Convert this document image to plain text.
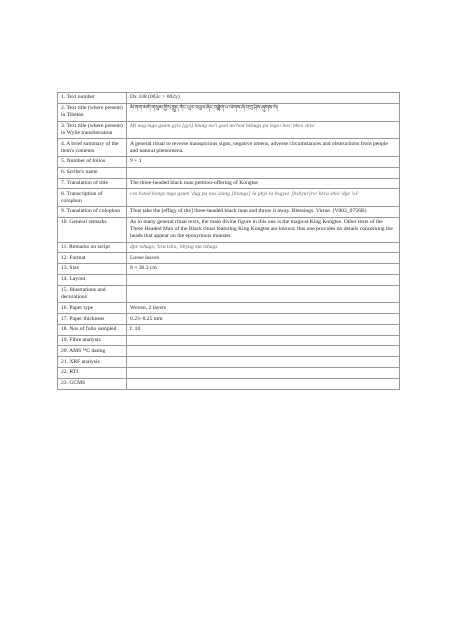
1. Text number	Dx 338 (002c > 002y)
2. Text title (where present) in Tibetan	མི་ནག་མགོ་གསུམ་གྱིས་གླུད་གོང་ཕུར་འབུལ་ཞིང་བཟློག་པ་ལེགས་ཞོ་བཀྲ་ཤིས་ཞུགས་སོ།
3. Text title (where present) in Wylie transliteration	Mi nag mgo gsum gyis [gyi] klung tse'i gsol mchod bzhugs pa legs+hos' bkra shis/
4. A brief summary of the item's contents	A general ritual to reverse inauspicious signs, negative omens, adverse circumstances and obstructions from people and natural phenomena.
5. Number of folios	9 + 1
6. Scribe's name	
7. Translation of title	The three-headed black man petition-offering of Kongtse
8. Transcription of colophon	ces bstod kongs mgo gsum 'dug pa nas slang [blangs] la phyi la bsgyur [bsbyur]ro/ bkra shis/ dge 'ol/
9. Translation of colophon	Thus take the [effigy of the] three-headed black man and throw it away. Blessings. Virtue. (V002_0756B)
10. General remarks	As in many general ritual texts, the main divine figure in this one is the magical King Kongtse. Other texts of the Three Headed Man of the Black ritual featuring King Kongtse are known; this one provides no details concerning the heads that appear on the eponymous monster.
11. Remarks on script	dpe tshugs, 'bru tsha, 'khyug ma tshugs
12. Format	Loose leaves
13. Size	8 × 36.3 cm
14. Layout	
15. Illustrations and decorations	
16. Paper type	Woven, 2 layers
17. Paper thickness	0.23–0.25 mm
18. Nos of folio sampled	f. 10
19. Fibre analysis	
20. AMS ¹⁴C dating	
21. XRF analysis	
22. RTI	
23. GCMS	
